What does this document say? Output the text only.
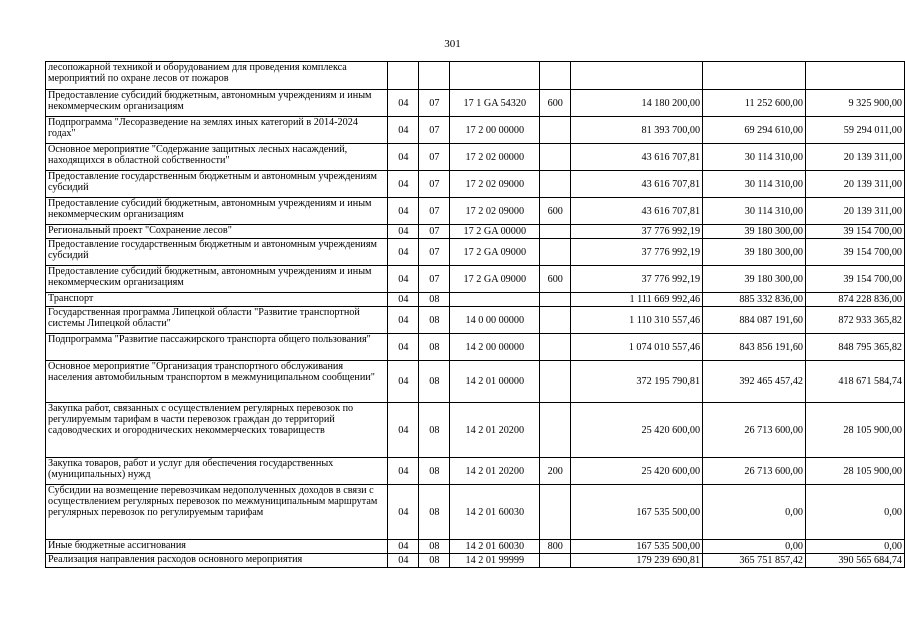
301
лесопожарной техникой и оборудованием для проведения комплекса мероприятий по охране лесов от пожаров							
Предоставление субсидий бюджетным, автономным учреждениям и иным некоммерческим организациям	04	07	17 1 GA 54320	600	14 180 200,00	11 252 600,00	9 325 900,00
Подпрограмма "Лесоразведение на землях иных категорий в 2014-2024 годах"	04	07	17 2 00 00000		81 393 700,00	69 294 610,00	59 294 011,00
Основное мероприятие "Содержание защитных лесных насаждений, находящихся в областной собственности"	04	07	17 2 02 00000		43 616 707,81	30 114 310,00	20 139 311,00
Предоставление государственным бюджетным и автономным учреждениям субсидий	04	07	17 2 02 09000		43 616 707,81	30 114 310,00	20 139 311,00
Предоставление субсидий бюджетным, автономным учреждениям и иным некоммерческим организациям	04	07	17 2 02 09000	600	43 616 707,81	30 114 310,00	20 139 311,00
Региональный проект "Сохранение лесов"	04	07	17 2 GA 00000		37 776 992,19	39 180 300,00	39 154 700,00
Предоставление государственным бюджетным и автономным учреждениям субсидий	04	07	17 2 GA 09000		37 776 992,19	39 180 300,00	39 154 700,00
Предоставление субсидий бюджетным, автономным учреждениям и иным некоммерческим организациям	04	07	17 2 GA 09000	600	37 776 992,19	39 180 300,00	39 154 700,00
Транспорт	04	08			1 111 669 992,46	885 332 836,00	874 228 836,00
Государственная программа Липецкой области "Развитие транспортной системы Липецкой области"	04	08	14 0 00 00000		1 110 310 557,46	884 087 191,60	872 933 365,82
Подпрограмма "Развитие пассажирского транспорта общего пользования"	04	08	14 2 00 00000		1 074 010 557,46	843 856 191,60	848 795 365,82
Основное мероприятие "Организация транспортного обслуживания населения автомобильным транспортом в межмуниципальном сообщении"	04	08	14 2 01 00000		372 195 790,81	392 465 457,42	418 671 584,74
Закупка работ, связанных с осуществлением регулярных перевозок по регулируемым тарифам в части перевозок граждан до территорий садоводческих и огороднических некоммерческих товариществ	04	08	14 2 01 20200		25 420 600,00	26 713 600,00	28 105 900,00
Закупка товаров, работ и услуг для обеспечения государственных (муниципальных) нужд	04	08	14 2 01 20200	200	25 420 600,00	26 713 600,00	28 105 900,00
Субсидии на возмещение перевозчикам недополученных доходов в связи с осуществлением регулярных перевозок по межмуниципальным маршрутам регулярных перевозок по регулируемым тарифам	04	08	14 2 01 60030		167 535 500,00	0,00	0,00
Иные бюджетные ассигнования	04	08	14 2 01 60030	800	167 535 500,00	0,00	0,00
Реализация направления расходов основного мероприятия	04	08	14 2 01 99999		179 239 690,81	365 751 857,42	390 565 684,74
